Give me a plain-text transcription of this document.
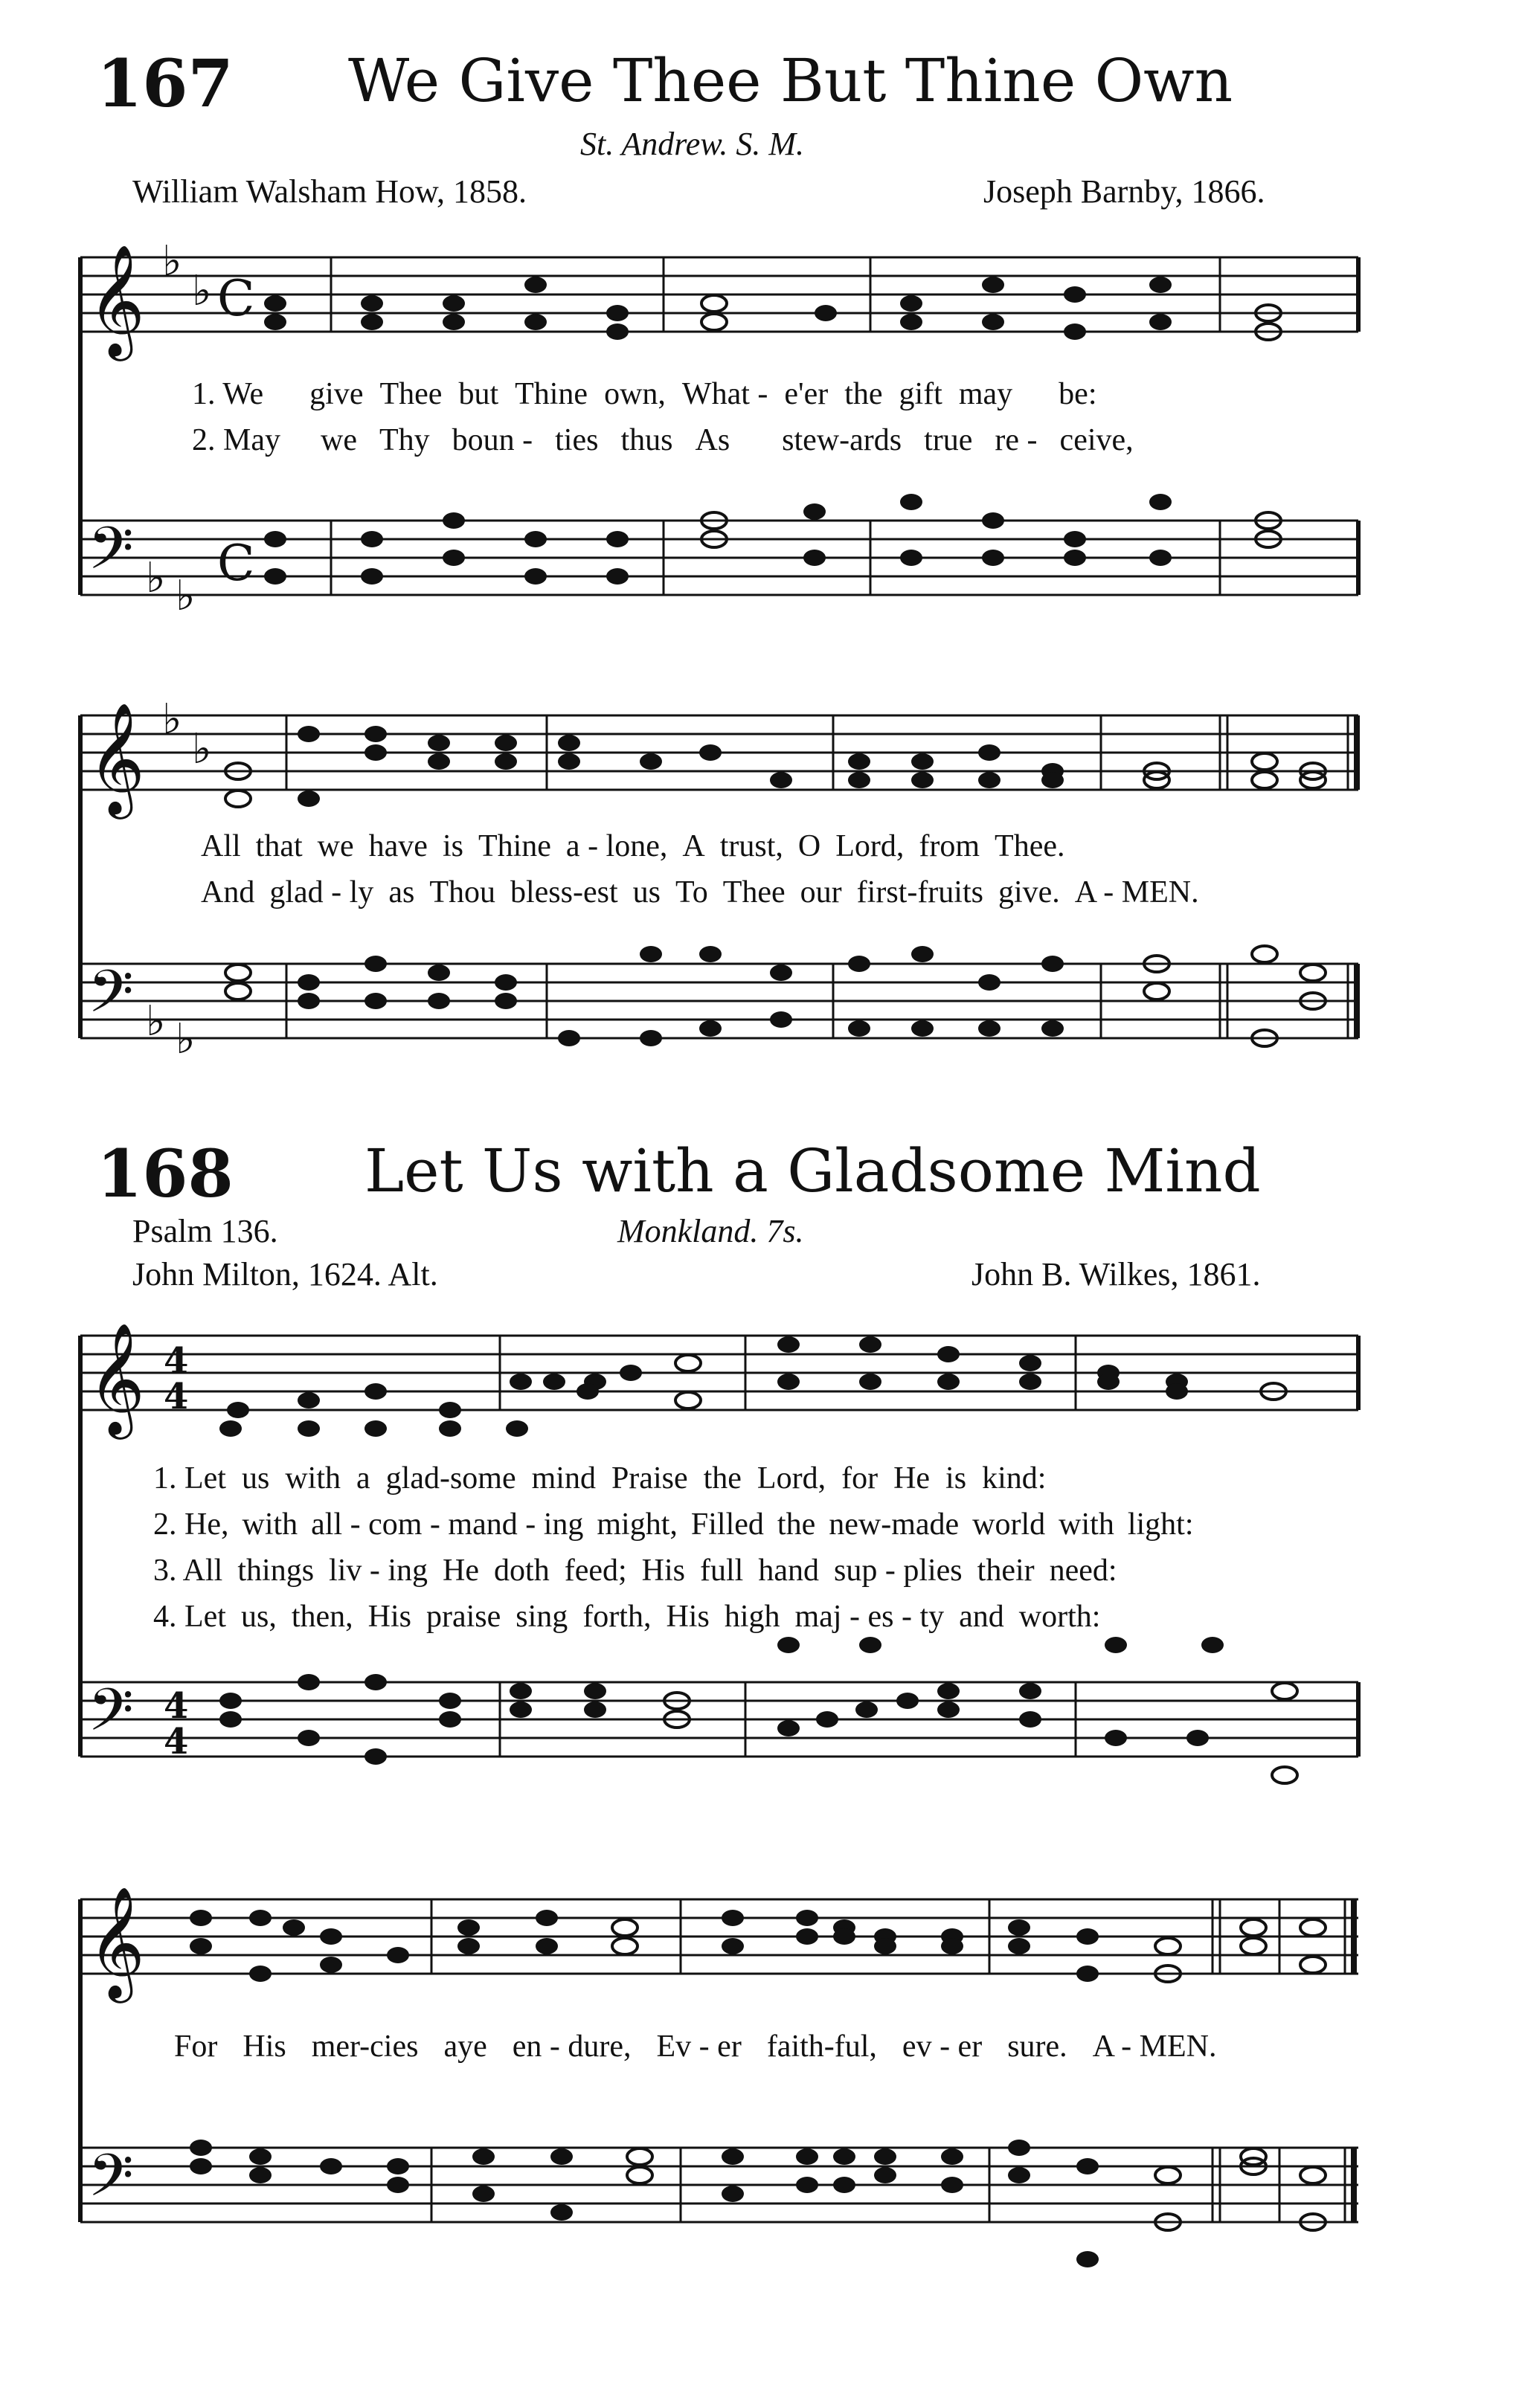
167 We Give Thee But Thine Own
St. Andrew. S. M.
William Walsham How, 1858.	Joseph Barnby, 1866.
𝄞 ♭
♭ C
𝄢 ♭ ♭
C
1. We give Thee but Thine own, What - e'er the gift may be:
2. May we Thy boun - ties thus As stew-ards true re - ceive,
𝄞 ♭
♭
𝄢 ♭ ♭
All that we have is Thine a - lone, A trust, O Lord, from Thee.
And glad - ly as Thou bless-est us To Thee our first-fruits give. A - MEN.
168 Let Us with a Gladsome Mind
Psalm 136.	Monkland. 7s.
John Milton, 1624. Alt.	John B. Wilkes, 1861.
𝄞 4
4
𝄢 4
4
1. Let us with a glad-some mind Praise the Lord, for He is kind:
2. He, with all - com - mand - ing might, Filled the new-made world with light:
3. All things liv - ing He doth feed; His full hand sup - plies their need:
4. Let us, then, His praise sing forth, His high maj - es - ty and worth:
𝄞
𝄢
For His mer-cies aye en - dure, Ev - er faith-ful, ev - er sure. A - MEN.
